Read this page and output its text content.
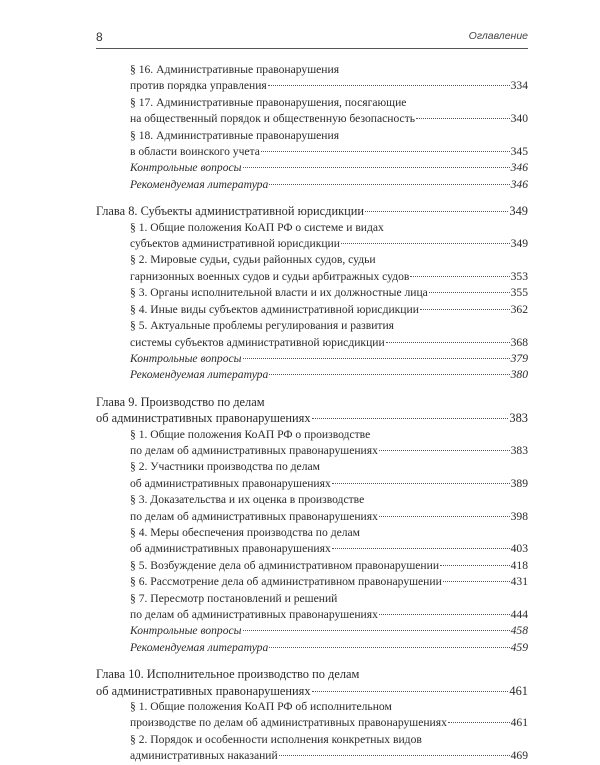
8	Оглавление
§ 16. Административные правонарушения
против порядка управления	334
§ 17. Административные правонарушения, посягающие
на общественный порядок и общественную безопасность	340
§ 18. Административные правонарушения
в области воинского учета	345
Контрольные вопросы	346
Рекомендуемая литература	346
Глава 8. Субъекты административной юрисдикции	349
§ 1. Общие положения КоАП РФ о системе и видах
субъектов административной юрисдикции	349
§ 2. Мировые судьи, судьи районных судов, судьи
гарнизонных военных судов и судьи арбитражных судов	353
§ 3. Органы исполнительной власти и их должностные лица	355
§ 4. Иные виды субъектов административной юрисдикции	362
§ 5. Актуальные проблемы регулирования и развития
системы субъектов административной юрисдикции	368
Контрольные вопросы	379
Рекомендуемая литература	380
Глава 9. Производство по делам
об административных правонарушениях	383
§ 1. Общие положения КоАП РФ о производстве
по делам об административных правонарушениях	383
§ 2. Участники производства по делам
об административных правонарушениях	389
§ 3. Доказательства и их оценка в производстве
по делам об административных правонарушениях	398
§ 4. Меры обеспечения производства по делам
об административных правонарушениях	403
§ 5. Возбуждение дела об административном правонарушении	418
§ 6. Рассмотрение дела об административном правонарушении	431
§ 7. Пересмотр постановлений и решений
по делам об административных правонарушениях	444
Контрольные вопросы	458
Рекомендуемая литература	459
Глава 10. Исполнительное производство по делам
об административных правонарушениях	461
§ 1. Общие положения КоАП РФ об исполнительном
производстве по делам об административных правонарушениях	461
§ 2. Порядок и особенности исполнения конкретных видов
административных наказаний	469
